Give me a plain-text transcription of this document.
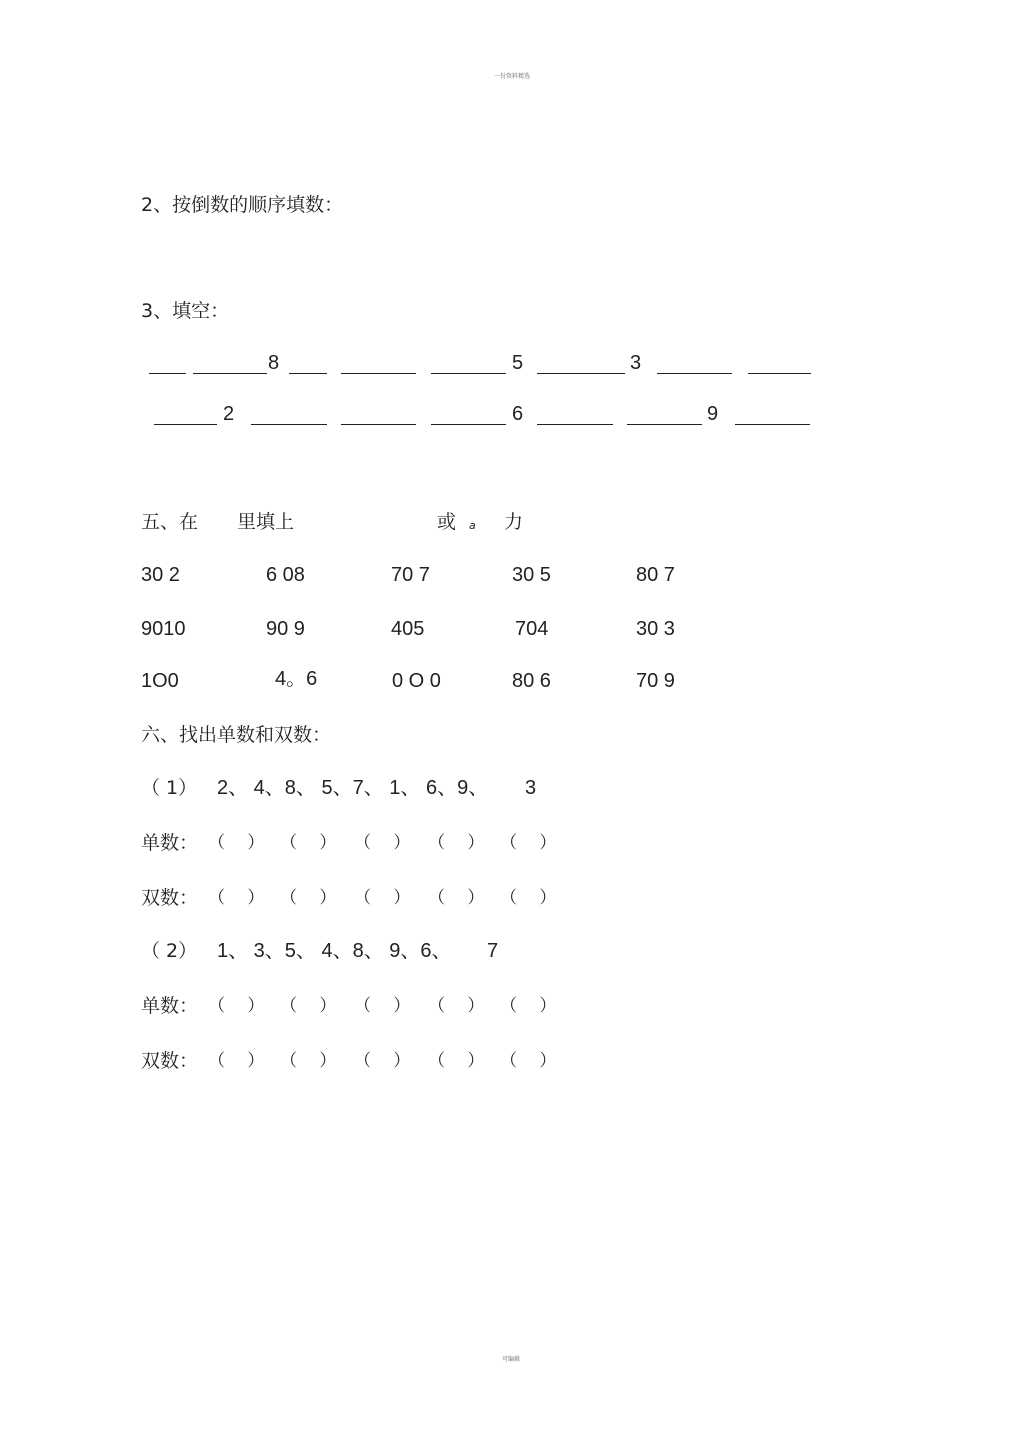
一份资料精选
可编辑
2、按倒数的顺序填数：
3、填空：
8	5	3
2	6	9
五、在 里填上	或 a 力
30 2	6 08	70 7	30 5	80 7
9010	90 9	405	704	30 3
1O0	4。6	0 O 0	80 6	70 9
六、找出单数和双数：
（ 1） 2、 4、8、 5、7、 1、 6、9、 3
单数： （　 ） （　 ） （　 ） （　 ） （　 ）
双数： （　 ） （　 ） （　 ） （　 ） （　 ）
（ 2） 1、 3、5、 4、8、 9、6、 7
单数： （　 ） （　 ） （　 ） （　 ） （　 ）
双数： （　 ） （　 ） （　 ） （　 ） （　 ）
